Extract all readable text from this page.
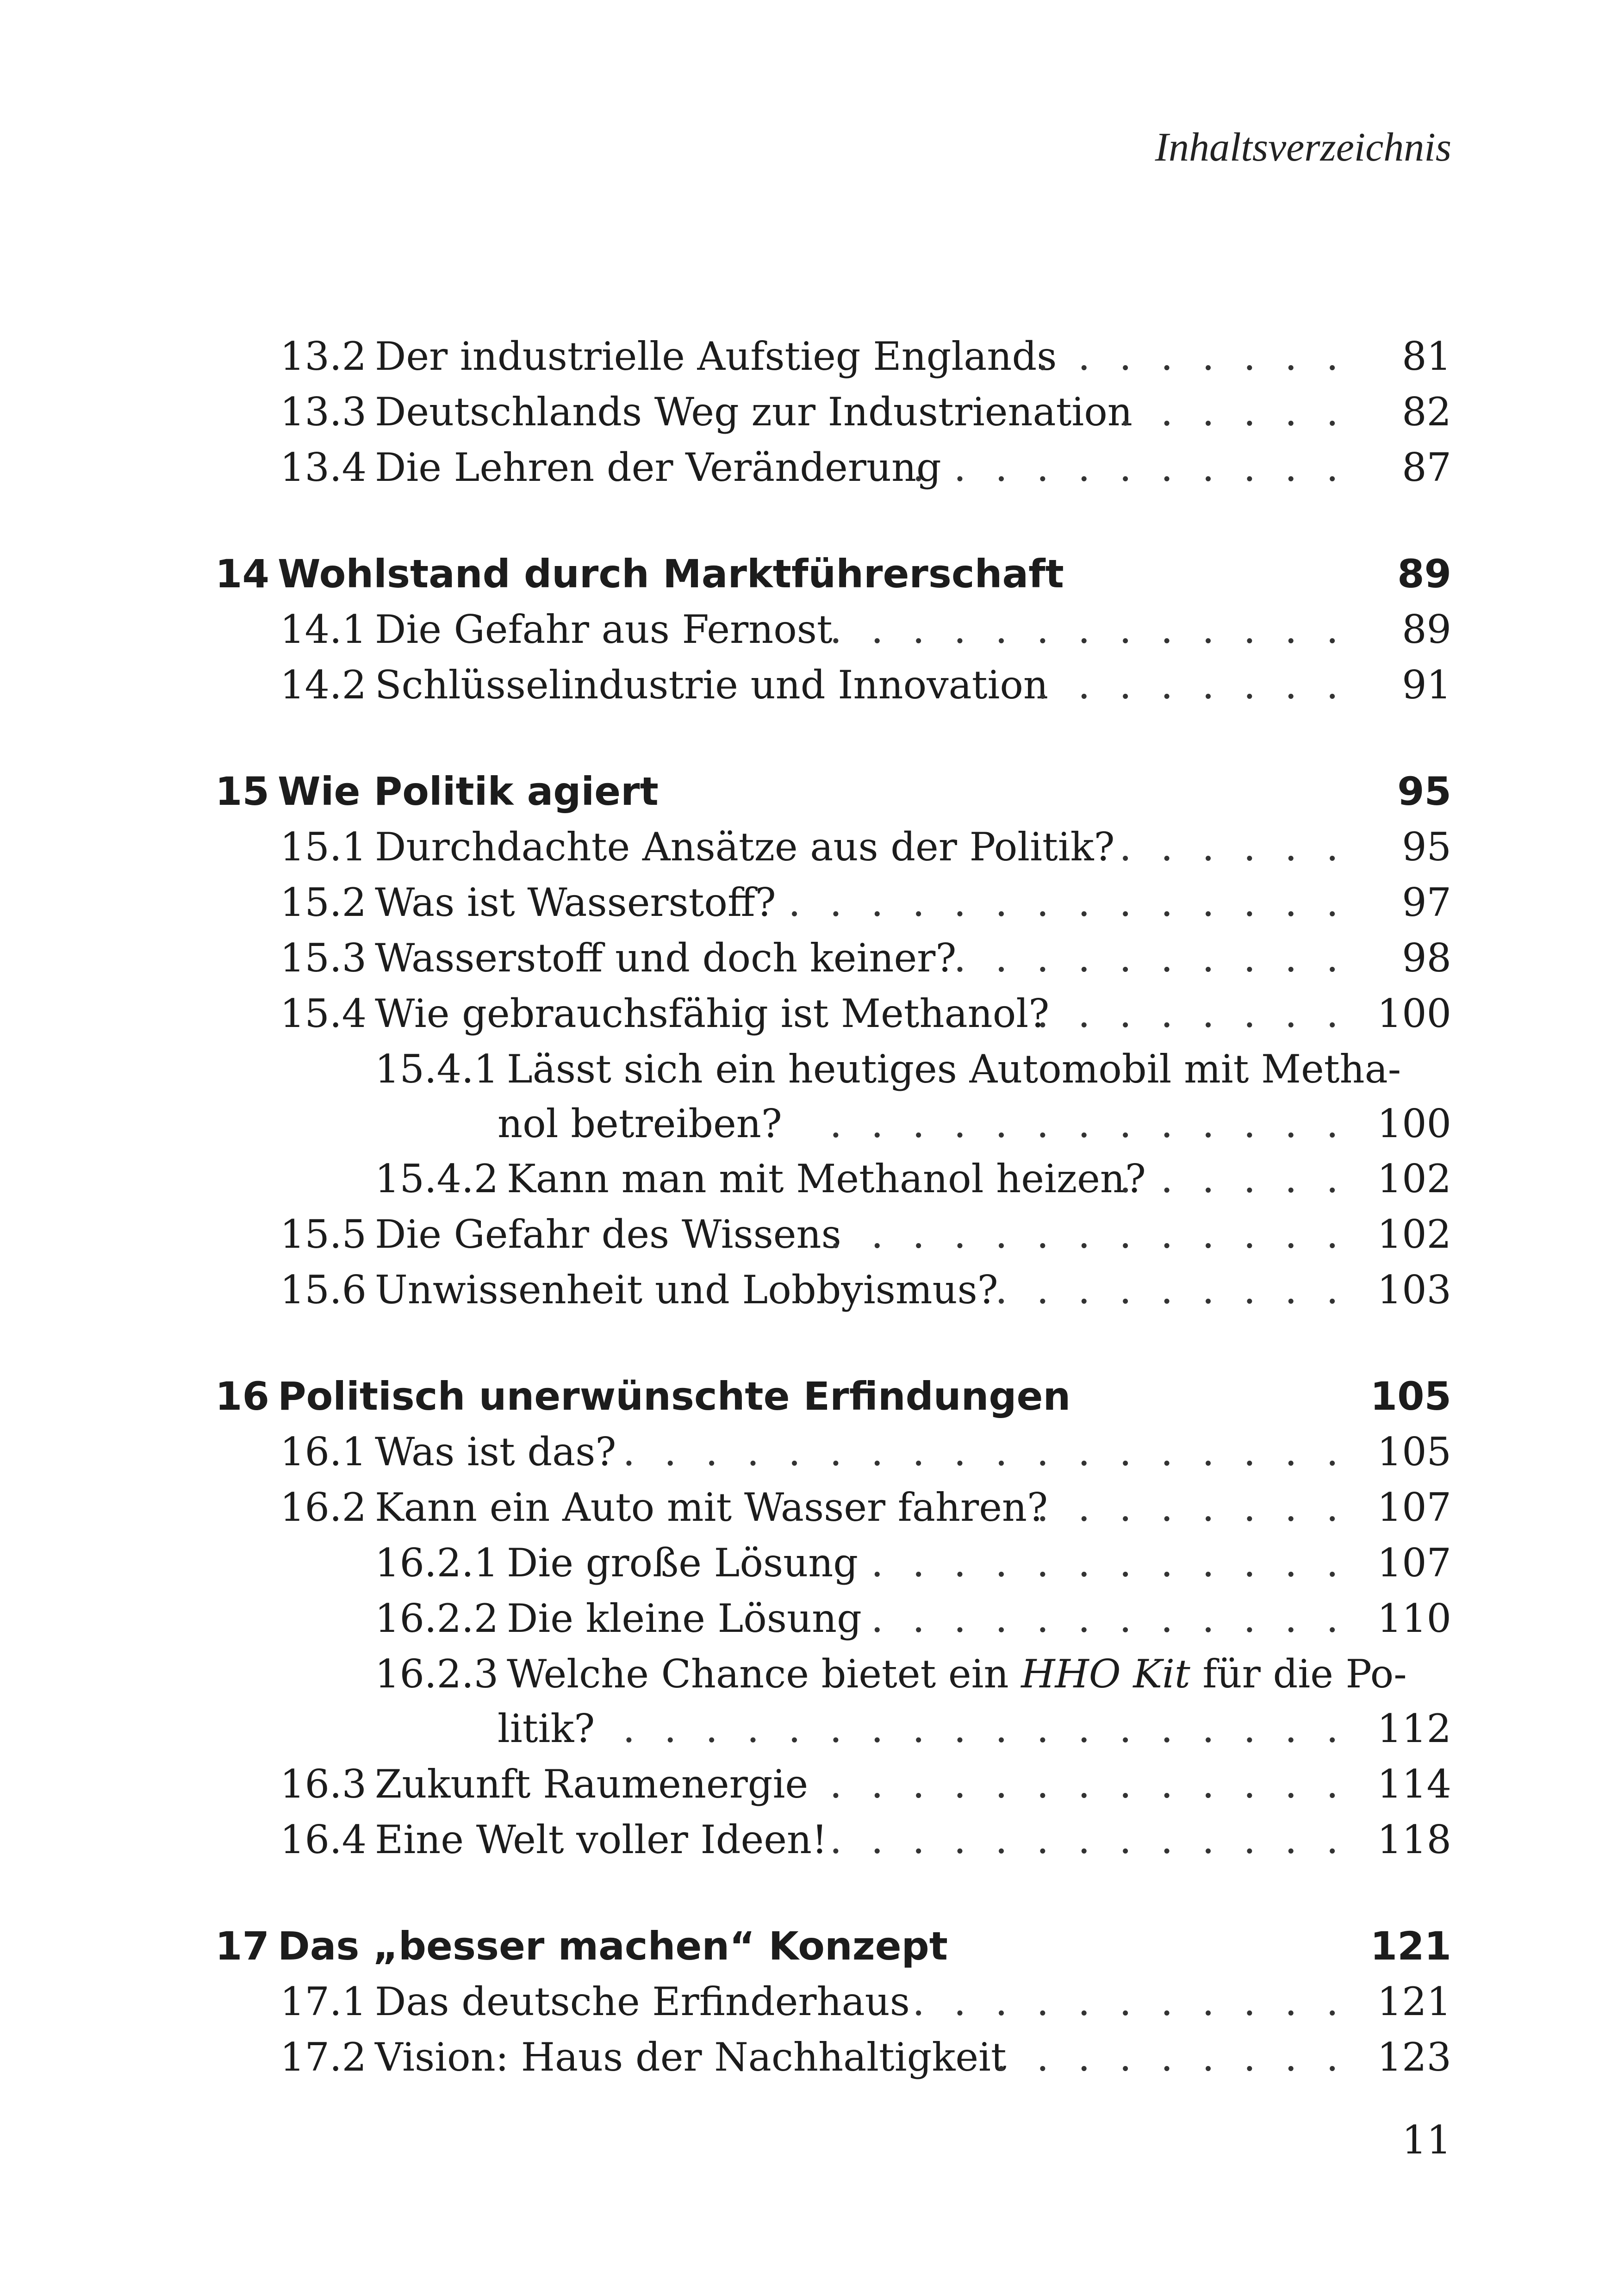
Inhaltsverzeichnis
13.2 Der industrielle Aufstieg Englands . . .	81
13.3 Deutschlands Weg zur Industrienation . . .	82
13.4 Die Lehren der Veränderung . . .	87
14 Wohlstand durch Marktführerschaft	89
14.1 Die Gefahr aus Fernost . . .	89
14.2 Schlüsselindustrie und Innovation . . .	91
15 Wie Politik agiert	95
15.1 Durchdachte Ansätze aus der Politik? . . .	95
15.2 Was ist Wasserstoff? . . .	97
15.3 Wasserstoff und doch keiner? . . .	98
15.4 Wie gebrauchsfähig ist Methanol? . . .	100
15.4.1 Lässt sich ein heutiges Automobil mit Metha-
nol betreiben? . . .	100
15.4.2 Kann man mit Methanol heizen? . . .	102
15.5 Die Gefahr des Wissens . . .	102
15.6 Unwissenheit und Lobbyismus? . . .	103
16 Politisch unerwünschte Erfindungen	105
16.1 Was ist das? . . .	105
16.2 Kann ein Auto mit Wasser fahren? . . .	107
16.2.1 Die große Lösung . . .	107
16.2.2 Die kleine Lösung . . .	110
16.2.3 Welche Chance bietet ein HHO Kit für die Po-
litik? . . .	112
16.3 Zukunft Raumenergie . . .	114
16.4 Eine Welt voller Ideen! . . .	118
17 Das „besser machen“ Konzept	121
17.1 Das deutsche Erfinderhaus . . .	121
17.2 Vision: Haus der Nachhaltigkeit . . .	123
11
